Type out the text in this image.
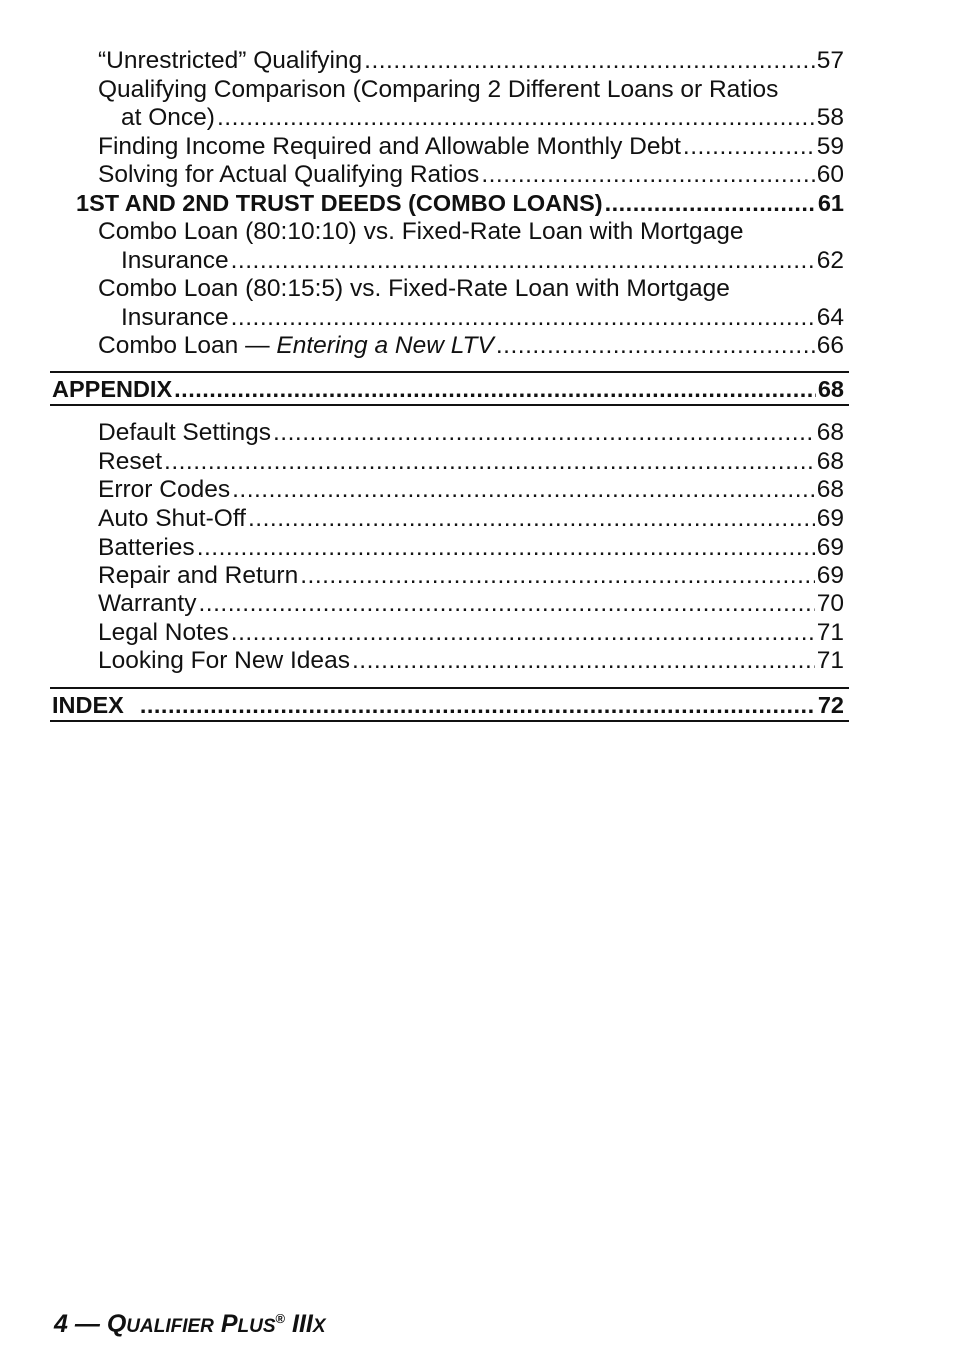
“Unrestricted” Qualifying .....	57
Qualifying Comparison (Comparing 2 Different Loans or Ratios
at Once) .....	58
Finding Income Required and Allowable Monthly Debt .....	59
Solving for Actual Qualifying Ratios .....	60
1ST AND 2ND TRUST DEEDS (COMBO LOANS) .....	61
Combo Loan (80:10:10) vs. Fixed-Rate Loan with Mortgage
Insurance .....	62
Combo Loan (80:15:5) vs. Fixed-Rate Loan with Mortgage
Insurance .....	64
Combo Loan — Entering a New LTV .....	66
APPENDIX .....	68
Default Settings .....	68
Reset .....	68
Error Codes .....	68
Auto Shut-Off .....	69
Batteries .....	69
Repair and Return .....	69
Warranty .....	70
Legal Notes .....	71
Looking For New Ideas .....	71
INDEX .....	72
4 — QUALIFIER PLUS® IIIX
